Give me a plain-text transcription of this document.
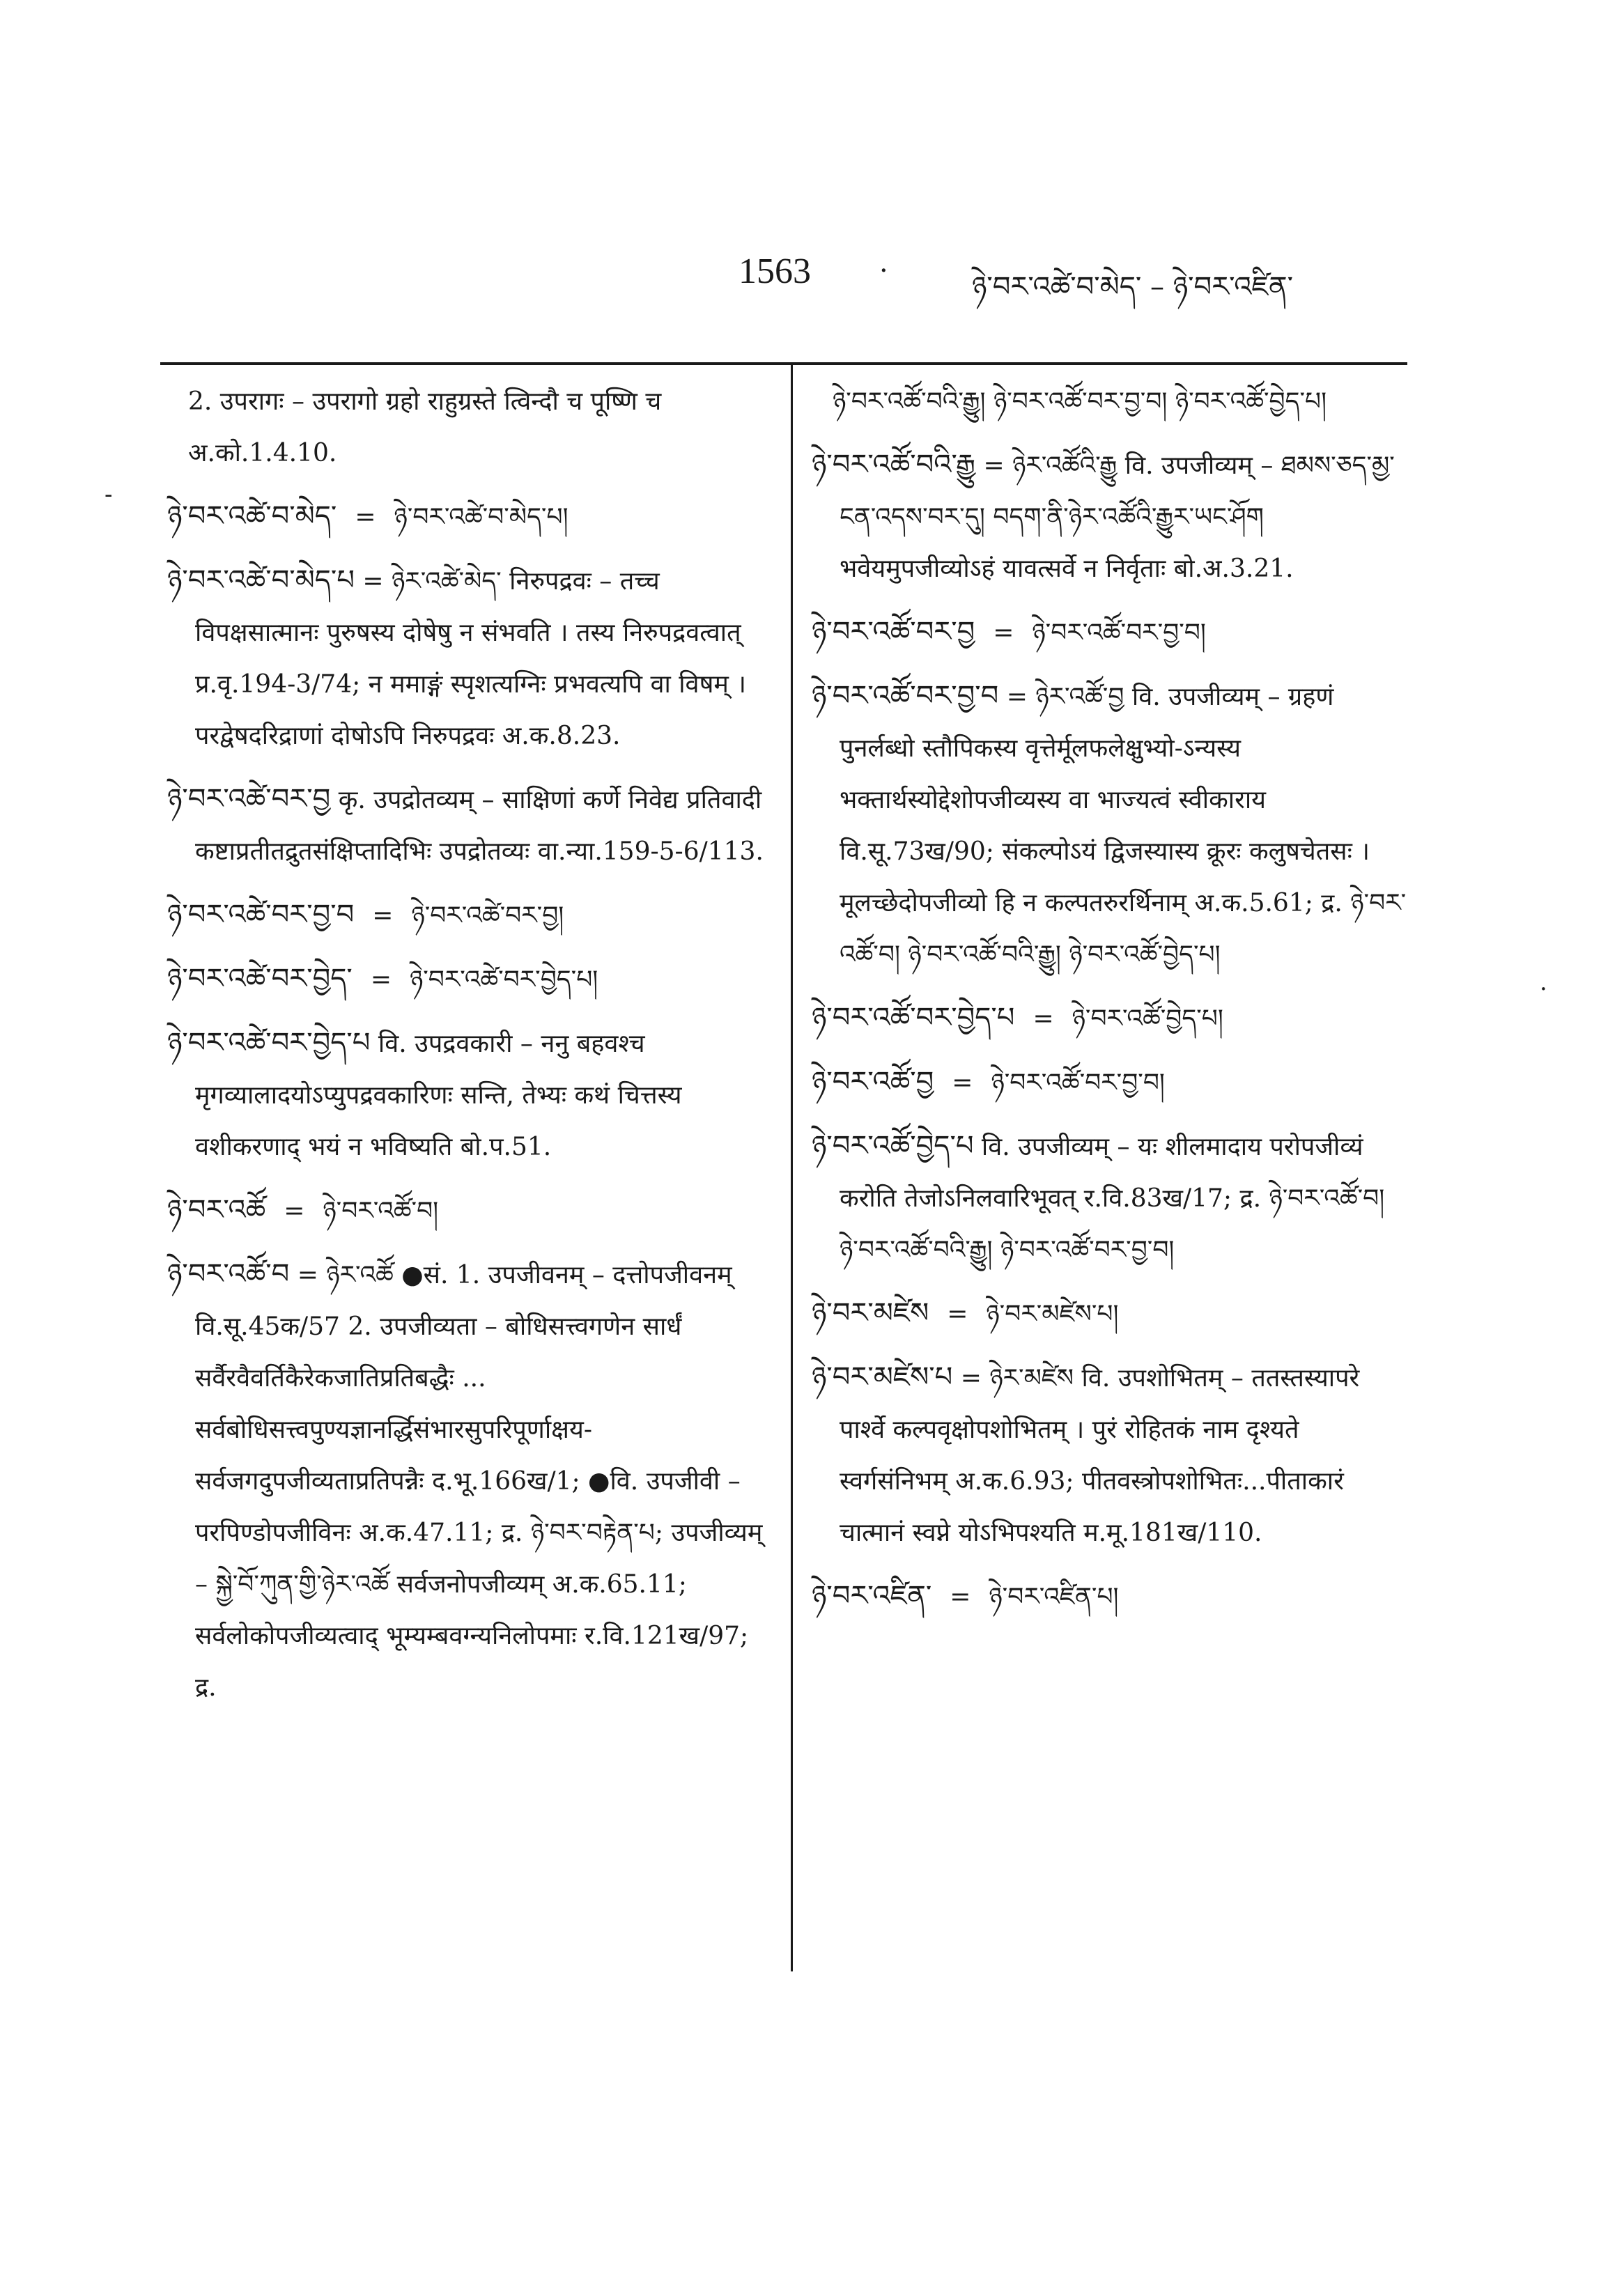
1563 ·	ཉེ་བར་འཚེ་བ་མེད་ – ཉེ་བར་འཛིན་
-
·

2. उपरागः – उपरागो ग्रहो राहुग्रस्ते त्विन्दौ च पूष्णि च अ.को.1.4.10.

ཉེ་བར་འཚེ་བ་མེད་ = ཉེ་བར་འཚེ་བ་མེད་པ།

ཉེ་བར་འཚེ་བ་མེད་པ = ཉེར་འཚེ་མེད་ निरुपद्रवः – तच्च विपक्षसात्मानः पुरुषस्य दोषेषु न संभवति । तस्य निरुपद्रवत्वात् प्र.वृ.194-3/74; न ममाङ्गं स्पृशत्यग्निः प्रभवत्यपि वा विषम् । परद्वेषदरिद्राणां दोषोऽपि निरुपद्रवः अ.क.8.23.

ཉེ་བར་འཚེ་བར་བྱ कृ. उपद्रोतव्यम् – साक्षिणां कर्णे निवेद्य प्रतिवादी कष्टाप्रतीतद्रुतसंक्षिप्तादिभिः उपद्रोतव्यः वा.न्या.159-5-6/113.

ཉེ་བར་འཚེ་བར་བྱ་བ = ཉེ་བར་འཚེ་བར་བྱ།

ཉེ་བར་འཚེ་བར་བྱེད་ = ཉེ་བར་འཚེ་བར་བྱེད་པ།

ཉེ་བར་འཚེ་བར་བྱེད་པ वि. उपद्रवकारी – ननु बहवश्च मृगव्यालादयोऽप्युपद्रवकारिणः सन्ति, तेभ्यः कथं चित्तस्य वशीकरणाद् भयं न भविष्यति बो.प.51.

ཉེ་བར་འཚོ = ཉེ་བར་འཚོ་བ།

ཉེ་བར་འཚོ་བ = ཉེར་འཚོ ●सं. 1. उपजीवनम् – दत्तोपजीवनम् वि.सू.45क/57 2. उपजीव्यता – बोधिसत्त्वगणेन सार्धं सर्वैरवैवर्तिकैरेकजातिप्रतिबद्धैः ... सर्वबोधिसत्त्वपुण्यज्ञानर्द्धिसंभारसुपरिपूर्णाक्षय-सर्वजगदुपजीव्यताप्रतिपन्नैः द.भू.166ख/1; ●वि. उपजीवी – परपिण्डोपजीविनः अ.क.47.11; द्र. ཉེ་བར་བརྟེན་པ; उपजीव्यम् – སྐྱེ་བོ་ཀུན་གྱི་ཉེར་འཚོ सर्वजनोपजीव्यम् अ.क.65.11; सर्वलोकोपजीव्यत्वाद् भूम्यम्बवग्न्यनिलोपमाः र.वि.121ख/97; द्र.

ཉེ་བར་འཚོ་བའི་རྒྱུ། ཉེ་བར་འཚོ་བར་བྱ་བ། ཉེ་བར་འཚོ་བྱེད་པ།

ཉེ་བར་འཚོ་བའི་རྒྱུ = ཉེར་འཚོའི་རྒྱུ वि. उपजीव्यम् – ཐམས་ཅད་མྱ་ངན་འདས་བར་དུ། བདག་ནི་ཉེར་འཚོའི་རྒྱུར་ཡང་ཤོག भवेयमुपजीव्योऽहं यावत्सर्वे न निर्वृताः बो.अ.3.21.

ཉེ་བར་འཚོ་བར་བྱ = ཉེ་བར་འཚོ་བར་བྱ་བ།

ཉེ་བར་འཚོ་བར་བྱ་བ = ཉེར་འཚོ་བྱ वि. उपजीव्यम् – ग्रहणं पुनर्लब्धो स्तौपिकस्य वृत्तेर्मूलफलेक्षुभ्यो-ऽन्यस्य भक्तार्थस्योद्देशोपजीव्यस्य वा भाज्यत्वं स्वीकाराय वि.सू.73ख/90; संकल्पोऽयं द्विजस्यास्य क्रूरः कलुषचेतसः । मूलच्छेदोपजीव्यो हि न कल्पतरुरर्थिनाम् अ.क.5.61; द्र. ཉེ་བར་འཚོ་བ། ཉེ་བར་འཚོ་བའི་རྒྱུ། ཉེ་བར་འཚོ་བྱེད་པ།

ཉེ་བར་འཚོ་བར་བྱེད་པ = ཉེ་བར་འཚོ་བྱེད་པ།

ཉེ་བར་འཚོ་བྱ = ཉེ་བར་འཚོ་བར་བྱ་བ།

ཉེ་བར་འཚོ་བྱེད་པ वि. उपजीव्यम् – यः शीलमादाय परोपजीव्यं करोति तेजोऽनिलवारिभूवत् र.वि.83ख/17; द्र. ཉེ་བར་འཚོ་བ། ཉེ་བར་འཚོ་བའི་རྒྱུ། ཉེ་བར་འཚོ་བར་བྱ་བ།

ཉེ་བར་མཛེས = ཉེ་བར་མཛེས་པ།

ཉེ་བར་མཛེས་པ = ཉེར་མཛེས वि. उपशोभितम् – ततस्तस्यापरे पार्श्वे कल्पवृक्षोपशोभितम् । पुरं रोहितकं नाम दृश्यते स्वर्गसंनिभम् अ.क.6.93; पीतवस्त्रोपशोभितः...पीताकारं चात्मानं स्वप्ने योऽभिपश्यति म.मू.181ख/110.

ཉེ་བར་འཛིན་ = ཉེ་བར་འཛིན་པ།
